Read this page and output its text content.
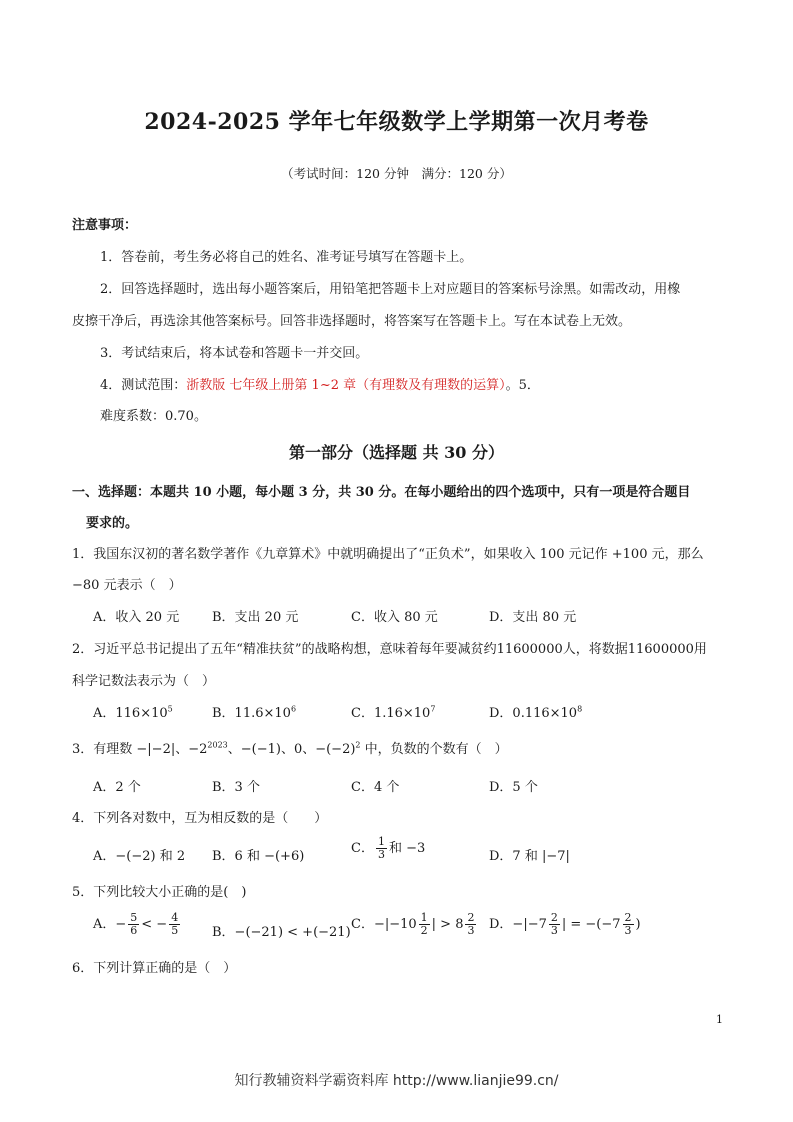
2024-2025 学年七年级数学上学期第一次月考卷
（考试时间：120 分钟　满分：120 分）
注意事项：
1．答卷前，考生务必将自己的姓名、准考证号填写在答题卡上。
2．回答选择题时，选出每小题答案后，用铅笔把答题卡上对应题目的答案标号涂黑。如需改动，用橡
皮擦干净后，再选涂其他答案标号。回答非选择题时，将答案写在答题卡上。写在本试卷上无效。
3．考试结束后，将本试卷和答题卡一并交回。
4．测试范围：浙教版 七年级上册第 1~2 章（有理数及有理数的运算）。5．
难度系数：0.70。
第一部分（选择题 共 30 分）
一、选择题：本题共 10 小题，每小题 3 分，共 30 分。在每小题给出的四个选项中，只有一项是符合题目
要求的。
1．我国东汉初的著名数学著作《九章算术》中就明确提出了“正负术”，如果收入 100 元记作 +100 元，那么
−80 元表示（　）
A．收入 20 元	B．支出 20 元	C．收入 80 元	D．支出 80 元
2．习近平总书记提出了五年“精准扶贫”的战略构想，意味着每年要减贫约11600000人，将数据11600000用
科学记数法表示为（　）
A．$116\times 10^5$	B．$11.6\times 10^6$	C．$1.16\times 10^7$	D．$0.116\times 10^8$
3．有理数 −|−2|、$-2^{2023}$、−(−1)、0、$-(-2)^2$ 中，负数的个数有（　）
A．2 个	B．3 个	C．4 个	D．5 个
4．下列各对数中，互为相反数的是（　　）
A．−(−2) 和 2 B．6 和 −(+6)
C． $\frac{1}{3}$ 和 −3
D．7 和 |−7|
5．下列比较大小正确的是(　)
A．− $\frac{5}{6}$ < − $\frac{4}{5}$ B．−(−21) < +(−21)
C．$-|-10 \frac{1}{2}$ | > $8 \frac{2}{3}$ D．$-|-7 \frac{2}{3}$ | = $-(-7 \frac{2}{3}$ )
6．下列计算正确的是（　）
1
知行教辅资料学霸资料库 http://www.lianjie99.cn/
